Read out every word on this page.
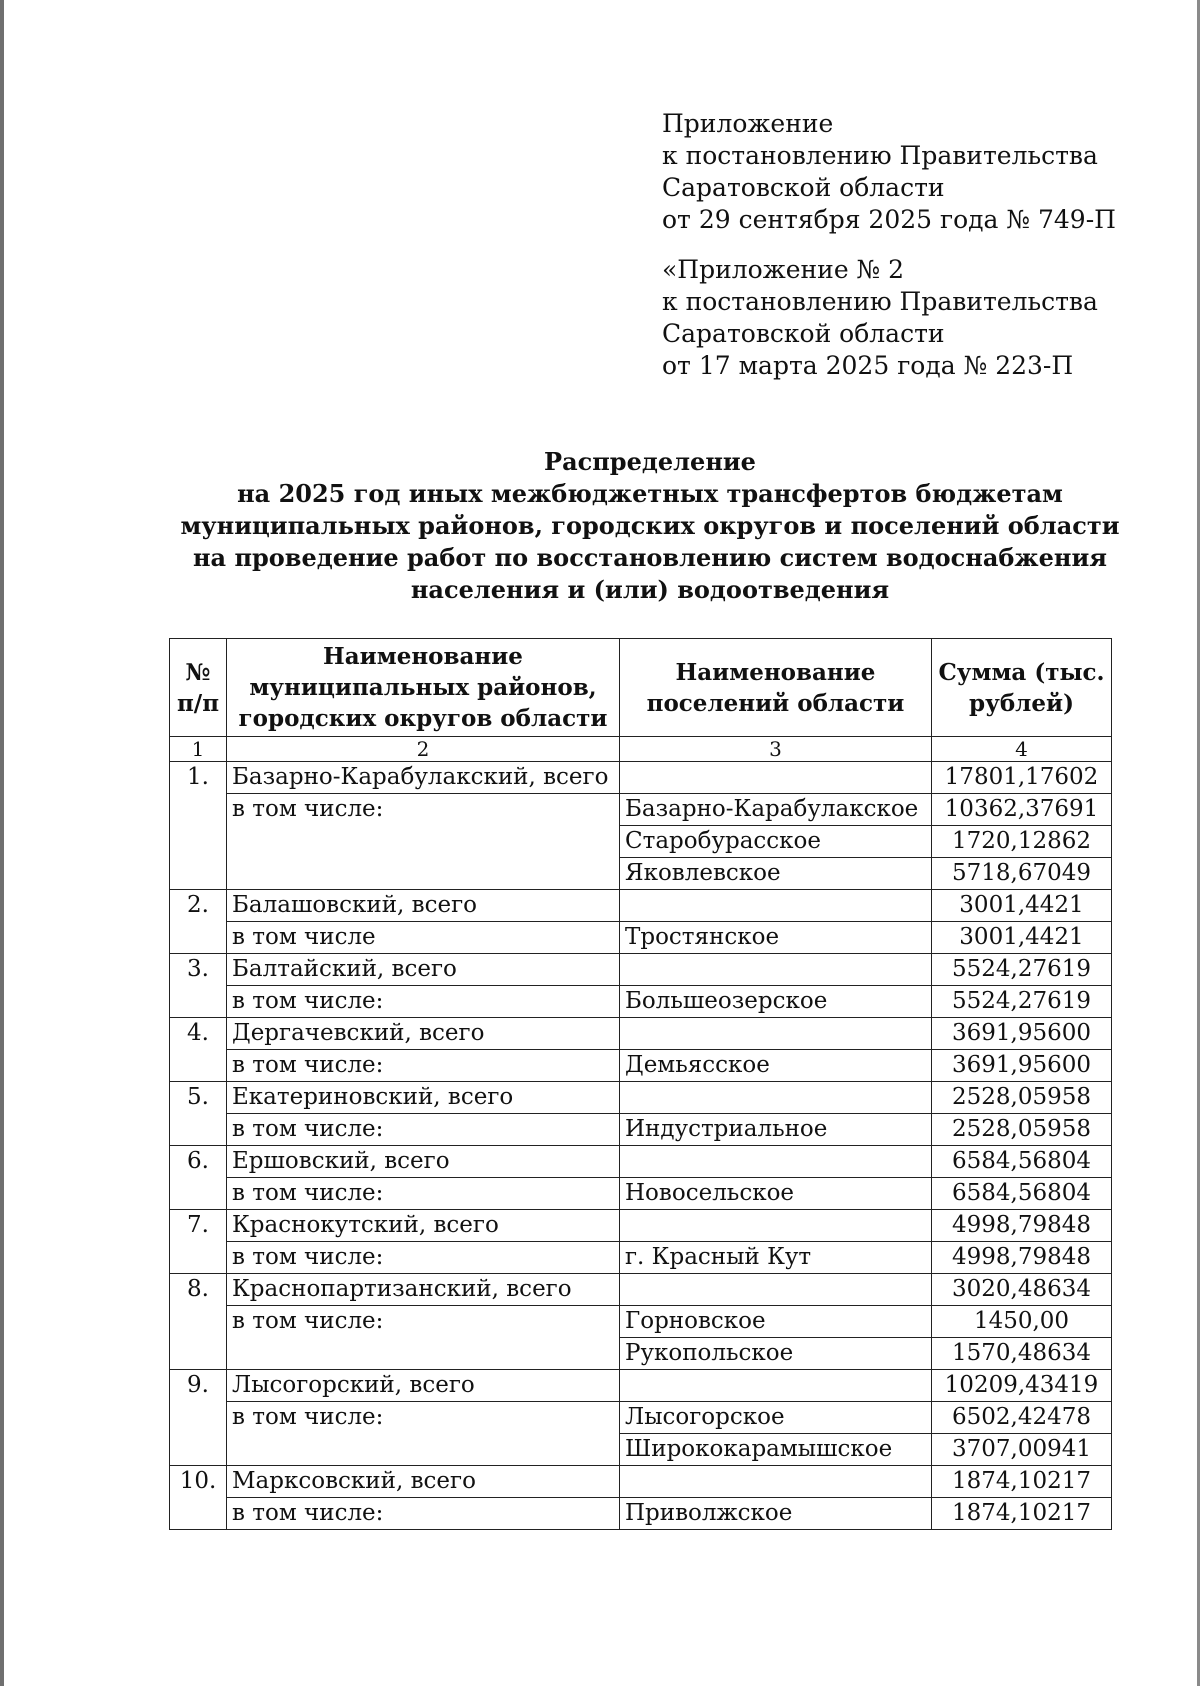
Приложение
к постановлению Правительства
Саратовской области
от 29 сентября 2025 года № 749-П
«Приложение № 2
к постановлению Правительства
Саратовской области
от 17 марта 2025 года № 223-П
Распределение
на 2025 год иных межбюджетных трансфертов бюджетам
муниципальных районов, городских округов и поселений области
на проведение работ по восстановлению систем водоснабжения
населения и (или) водоотведения
№ п/п	Наименование муниципальных районов, городских округов области	Наименование поселений области	Сумма (тыс. рублей)
1	2	3	4
1.	Базарно-Карабулакский, всего		17801,17602
	в том числе:	Базарно-Карабулакское	10362,37691
		Старобурасское	1720,12862
		Яковлевское	5718,67049
2.	Балашовский, всего		3001,4421
	в том числе	Тростянское	3001,4421
3.	Балтайский, всего		5524,27619
	в том числе:	Большеозерское	5524,27619
4.	Дергачевский, всего		3691,95600
	в том числе:	Демьясское	3691,95600
5.	Екатериновский, всего		2528,05958
	в том числе:	Индустриальное	2528,05958
6.	Ершовский, всего		6584,56804
	в том числе:	Новосельское	6584,56804
7.	Краснокутский, всего		4998,79848
	в том числе:	г. Красный Кут	4998,79848
8.	Краснопартизанский, всего		3020,48634
	в том числе:	Горновское	1450,00
		Рукопольское	1570,48634
9.	Лысогорский, всего		10209,43419
	в том числе:	Лысогорское	6502,42478
		Ширококарамышское	3707,00941
10.	Марксовский, всего		1874,10217
	в том числе:	Приволжское	1874,10217
